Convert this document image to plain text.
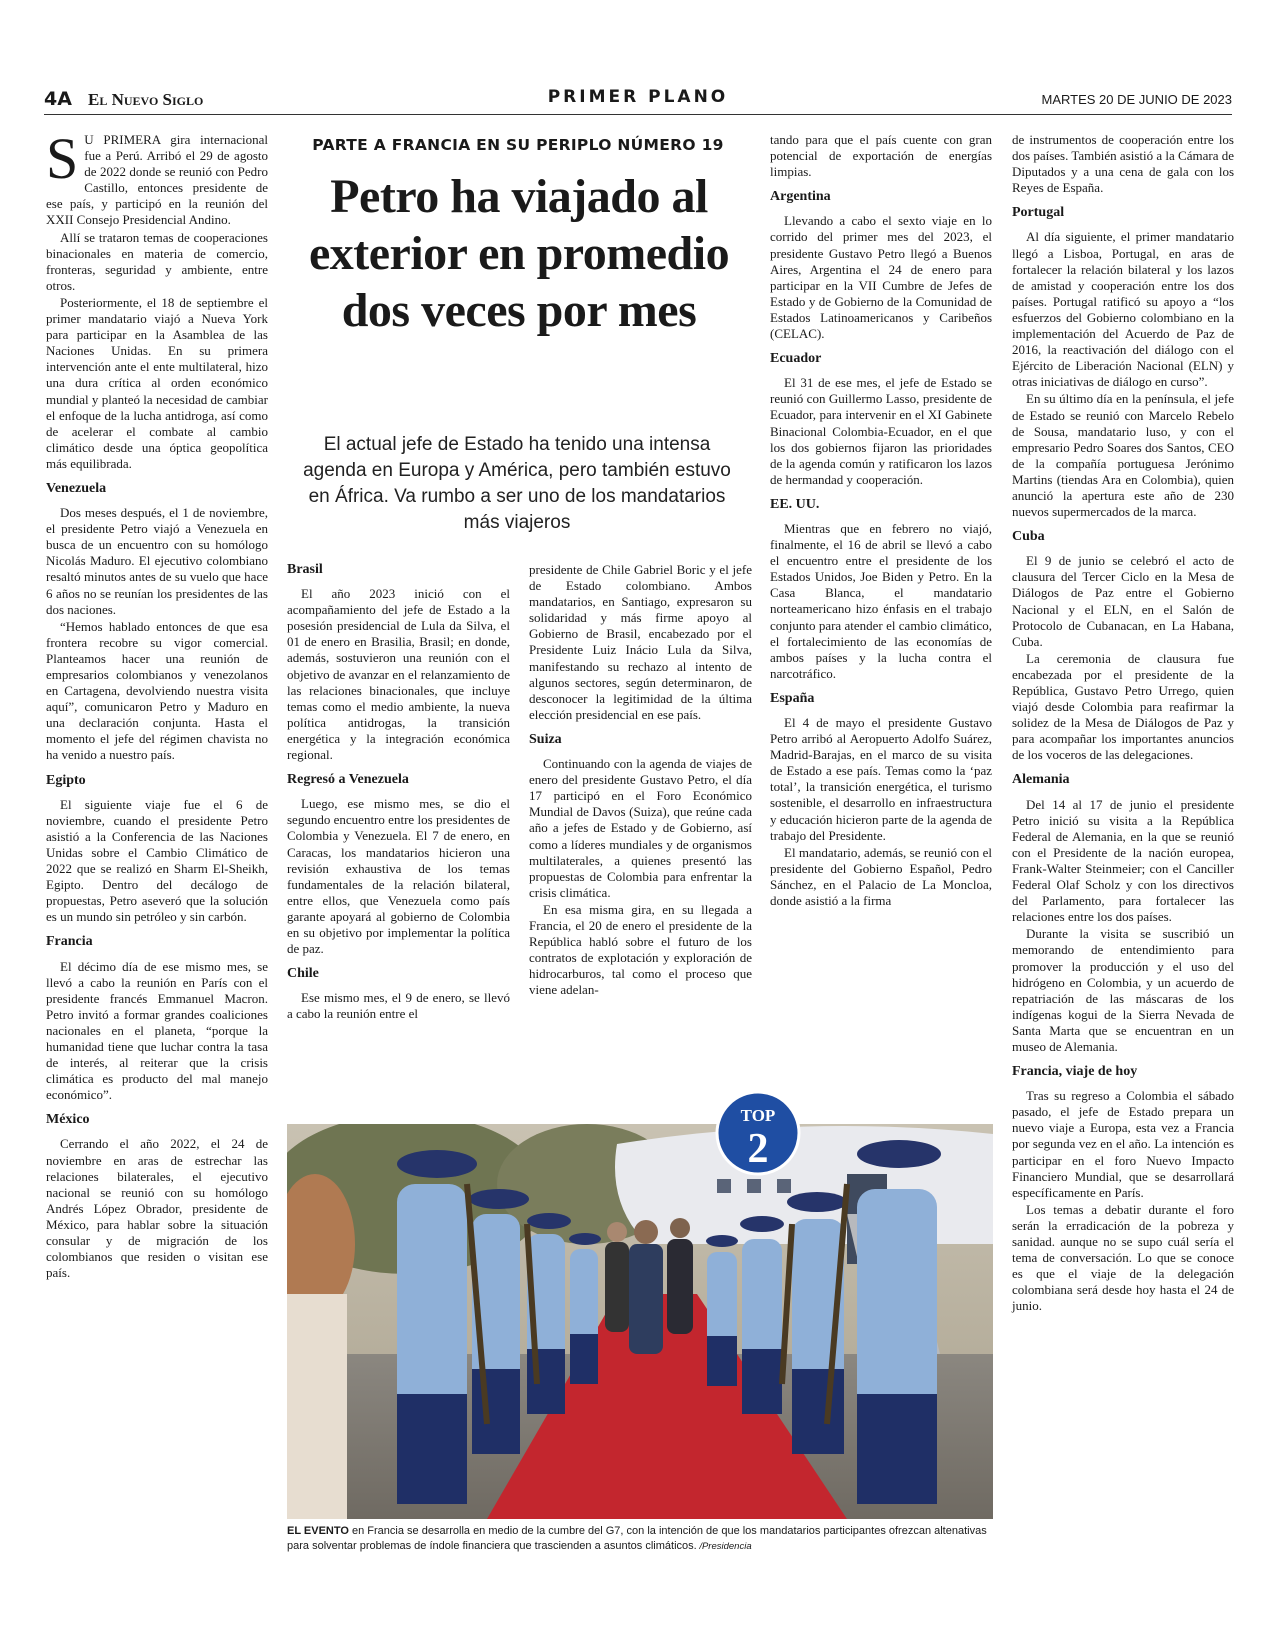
4A El Nuevo Siglo	PRIMER PLANO	MARTES 20 DE JUNIO DE 2023
PARTE A FRANCIA EN SU PERIPLO NÚMERO 19
Petro ha viajado al exterior en promedio dos veces por mes
El actual jefe de Estado ha tenido una intensa agenda en Europa y América, pero también estuvo en África. Va rumbo a ser uno de los mandatarios más viajeros

S U PRIMERA gira internacional fue a Perú. Arribó el 29 de agosto de 2022 donde se reunió con Pedro Castillo, entonces presidente de ese país, y participó en la reunión del XXII Consejo Presidencial Andino.

Allí se trataron temas de cooperaciones binacionales en materia de comercio, fronteras, seguridad y ambiente, entre otros.

Posteriormente, el 18 de septiembre el primer mandatario viajó a Nueva York para participar en la Asamblea de las Naciones Unidas. En su primera intervención ante el ente multilateral, hizo una dura crítica al orden económico mundial y planteó la necesidad de cambiar el enfoque de la lucha antidroga, así como de acelerar el combate al cambio climático desde una óptica geopolítica más equilibrada.

Venezuela

Dos meses después, el 1 de noviembre, el presidente Petro viajó a Venezuela en busca de un encuentro con su homólogo Nicolás Maduro. El ejecutivo colombiano resaltó minutos antes de su vuelo que hace 6 años no se reunían los presidentes de las dos naciones.

“Hemos hablado entonces de que esa frontera recobre su vigor comercial. Planteamos hacer una reunión de empresarios colombianos y venezolanos en Cartagena, devolviendo nuestra visita aquí”, comunicaron Petro y Maduro en una declaración conjunta. Hasta el momento el jefe del régimen chavista no ha venido a nuestro país.

Egipto

El siguiente viaje fue el 6 de noviembre, cuando el presidente Petro asistió a la Conferencia de las Naciones Unidas sobre el Cambio Climático de 2022 que se realizó en Sharm El-Sheikh, Egipto. Dentro del decálogo de propuestas, Petro aseveró que la solución es un mundo sin petróleo y sin carbón.

Francia

El décimo día de ese mismo mes, se llevó a cabo la reunión en París con el presidente francés Emmanuel Macron. Petro invitó a formar grandes coaliciones nacionales en el planeta, “porque la humanidad tiene que luchar contra la tasa de interés, al reiterar que la crisis climática es producto del mal manejo económico”.

México

Cerrando el año 2022, el 24 de noviembre en aras de estrechar las relaciones bilaterales, el ejecutivo nacional se reunió con su homólogo Andrés López Obrador, presidente de México, para hablar sobre la situación consular y de migración de los colombianos que residen o visitan ese país.

Brasil

El año 2023 inició con el acompañamiento del jefe de Estado a la posesión presidencial de Lula da Silva, el 01 de enero en Brasilia, Brasil; en donde, además, sostuvieron una reunión con el objetivo de avanzar en el relanzamiento de las relaciones binacionales, que incluye temas como el medio ambiente, la nueva política antidrogas, la transición energética y la integración económica regional.

Regresó a Venezuela

Luego, ese mismo mes, se dio el segundo encuentro entre los presidentes de Colombia y Venezuela. El 7 de enero, en Caracas, los mandatarios hicieron una revisión exhaustiva de los temas fundamentales de la relación bilateral, entre ellos, que Venezuela como país garante apoyará al gobierno de Colombia en su objetivo por implementar la política de paz.

Chile

Ese mismo mes, el 9 de enero, se llevó a cabo la reunión entre el

presidente de Chile Gabriel Boric y el jefe de Estado colombiano. Ambos mandatarios, en Santiago, expresaron su solidaridad y más firme apoyo al Gobierno de Brasil, encabezado por el Presidente Luiz Inácio Lula da Silva, manifestando su rechazo al intento de algunos sectores, según determinaron, de desconocer la legitimidad de la última elección presidencial en ese país.

Suiza

Continuando con la agenda de viajes de enero del presidente Gustavo Petro, el día 17 participó en el Foro Económico Mundial de Davos (Suiza), que reúne cada año a jefes de Estado y de Gobierno, así como a líderes mundiales y de organismos multilaterales, a quienes presentó las propuestas de Colombia para enfrentar la crisis climática.

En esa misma gira, en su llegada a Francia, el 20 de enero el presidente de la República habló sobre el futuro de los contratos de explotación y exploración de hidrocarburos, tal como el proceso que viene adelan-

tando para que el país cuente con gran potencial de exportación de energías limpias.

Argentina

Llevando a cabo el sexto viaje en lo corrido del primer mes del 2023, el presidente Gustavo Petro llegó a Buenos Aires, Argentina el 24 de enero para participar en la VII Cumbre de Jefes de Estado y de Gobierno de la Comunidad de Estados Latinoamericanos y Caribeños (CELAC).

Ecuador

El 31 de ese mes, el jefe de Estado se reunió con Guillermo Lasso, presidente de Ecuador, para intervenir en el XI Gabinete Binacional Colombia-Ecuador, en el que los dos gobiernos fijaron las prioridades de la agenda común y ratificaron los lazos de hermandad y cooperación.

EE. UU.

Mientras que en febrero no viajó, finalmente, el 16 de abril se llevó a cabo el encuentro entre el presidente de los Estados Unidos, Joe Biden y Petro. En la Casa Blanca, el mandatario norteamericano hizo énfasis en el trabajo conjunto para atender el cambio climático, el fortalecimiento de las economías de ambos países y la lucha contra el narcotráfico.

España

El 4 de mayo el presidente Gustavo Petro arribó al Aeropuerto Adolfo Suárez, Madrid-Barajas, en el marco de su visita de Estado a ese país. Temas como la ‘paz total’, la transición energética, el turismo sostenible, el desarrollo en infraestructura y educación hicieron parte de la agenda de trabajo del Presidente.

El mandatario, además, se reunió con el presidente del Gobierno Español, Pedro Sánchez, en el Palacio de La Moncloa, donde asistió a la firma

de instrumentos de cooperación entre los dos países. También asistió a la Cámara de Diputados y a una cena de gala con los Reyes de España.

Portugal

Al día siguiente, el primer mandatario llegó a Lisboa, Portugal, en aras de fortalecer la relación bilateral y los lazos de amistad y cooperación entre los dos países. Portugal ratificó su apoyo a “los esfuerzos del Gobierno colombiano en la implementación del Acuerdo de Paz de 2016, la reactivación del diálogo con el Ejército de Liberación Nacional (ELN) y otras iniciativas de diálogo en curso”.

En su último día en la península, el jefe de Estado se reunió con Marcelo Rebelo de Sousa, mandatario luso, y con el empresario Pedro Soares dos Santos, CEO de la compañía portuguesa Jerónimo Martins (tiendas Ara en Colombia), quien anunció la apertura este año de 230 nuevos supermercados de la marca.

Cuba

El 9 de junio se celebró el acto de clausura del Tercer Ciclo en la Mesa de Diálogos de Paz entre el Gobierno Nacional y el ELN, en el Salón de Protocolo de Cubanacan, en La Habana, Cuba.

La ceremonia de clausura fue encabezada por el presidente de la República, Gustavo Petro Urrego, quien viajó desde Colombia para reafirmar la solidez de la Mesa de Diálogos de Paz y para acompañar los importantes anuncios de los voceros de las delegaciones.

Alemania

Del 14 al 17 de junio el presidente Petro inició su visita a la República Federal de Alemania, en la que se reunió con el Presidente de la nación europea, Frank-Walter Steinmeier; con el Canciller Federal Olaf Scholz y con los directivos del Parlamento, para fortalecer las relaciones entre los dos países.

Durante la visita se suscribió un memorando de entendimiento para promover la producción y el uso del hidrógeno en Colombia, y un acuerdo de repatriación de las máscaras de los indígenas kogui de la Sierra Nevada de Santa Marta que se encuentran en un museo de Alemania.

Francia, viaje de hoy

Tras su regreso a Colombia el sábado pasado, el jefe de Estado prepara un nuevo viaje a Europa, esta vez a Francia por segunda vez en el año. La intención es participar en el foro Nuevo Impacto Financiero Mundial, que se desarrollará específicamente en París.

Los temas a debatir durante el foro serán la erradicación de la pobreza y sanidad. aunque no se supo cuál sería el tema de conversación. Lo que se conoce es que el viaje de la delegación colombiana será desde hoy hasta el 24 de junio.

TOP
2
EL EVENTO en Francia se desarrolla en medio de la cumbre del G7, con la intención de que los mandatarios participantes ofrezcan altenativas para solventar problemas de índole financiera que trascienden a asuntos climáticos. /Presidencia
